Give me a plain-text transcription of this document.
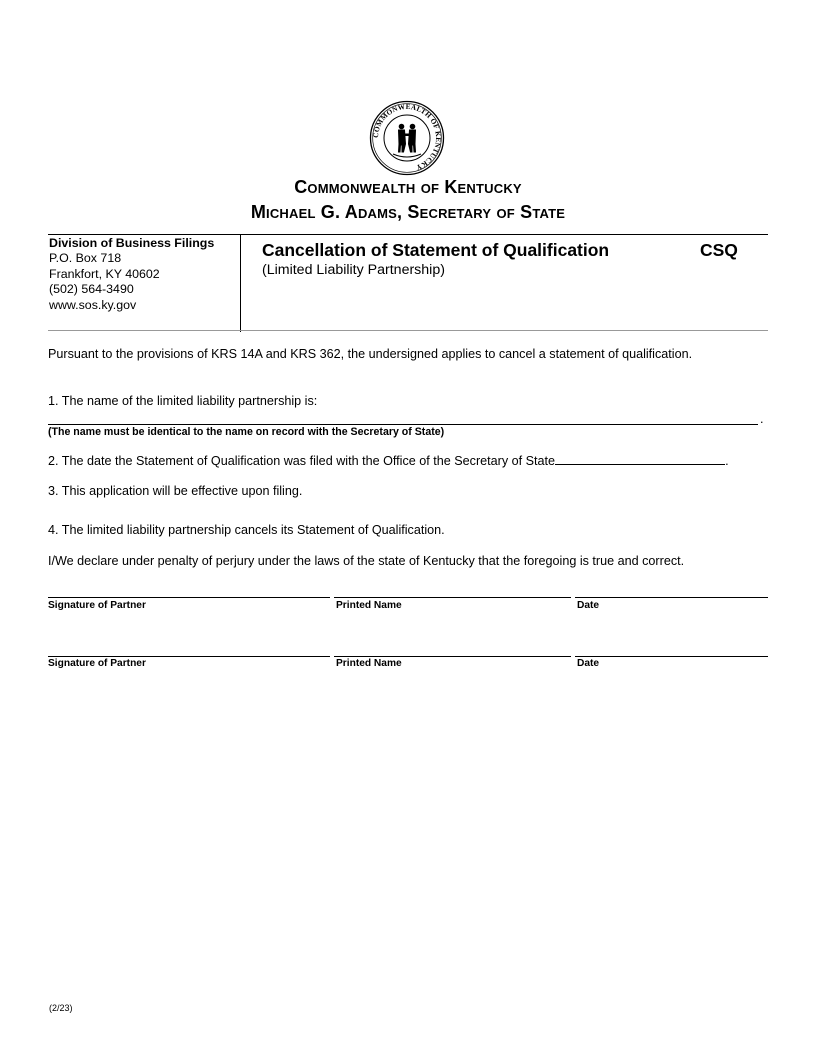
COMMONWEALTH OF KENTUCKY
Commonwealth of Kentucky
Michael G. Adams, Secretary of State
Division of Business Filings
P.O. Box 718
Frankfort, KY 40602
(502) 564-3490
www.sos.ky.gov
Cancellation of Statement of Qualification	CSQ
(Limited Liability Partnership)
Pursuant to the provisions of KRS 14A and KRS 362, the undersigned applies to cancel a statement of qualification.
1. The name of the limited liability partnership is:
.
(The name must be identical to the name on record with the Secretary of State)
2. The date the Statement of Qualification was filed with the Office of the Secretary of State	.
3. This application will be effective upon filing.
4. The limited liability partnership cancels its Statement of Qualification.
I/We declare under penalty of perjury under the laws of the state of Kentucky that the foregoing is true and correct.
Signature of Partner	Printed Name	Date
Signature of Partner	Printed Name	Date
(2/23)
